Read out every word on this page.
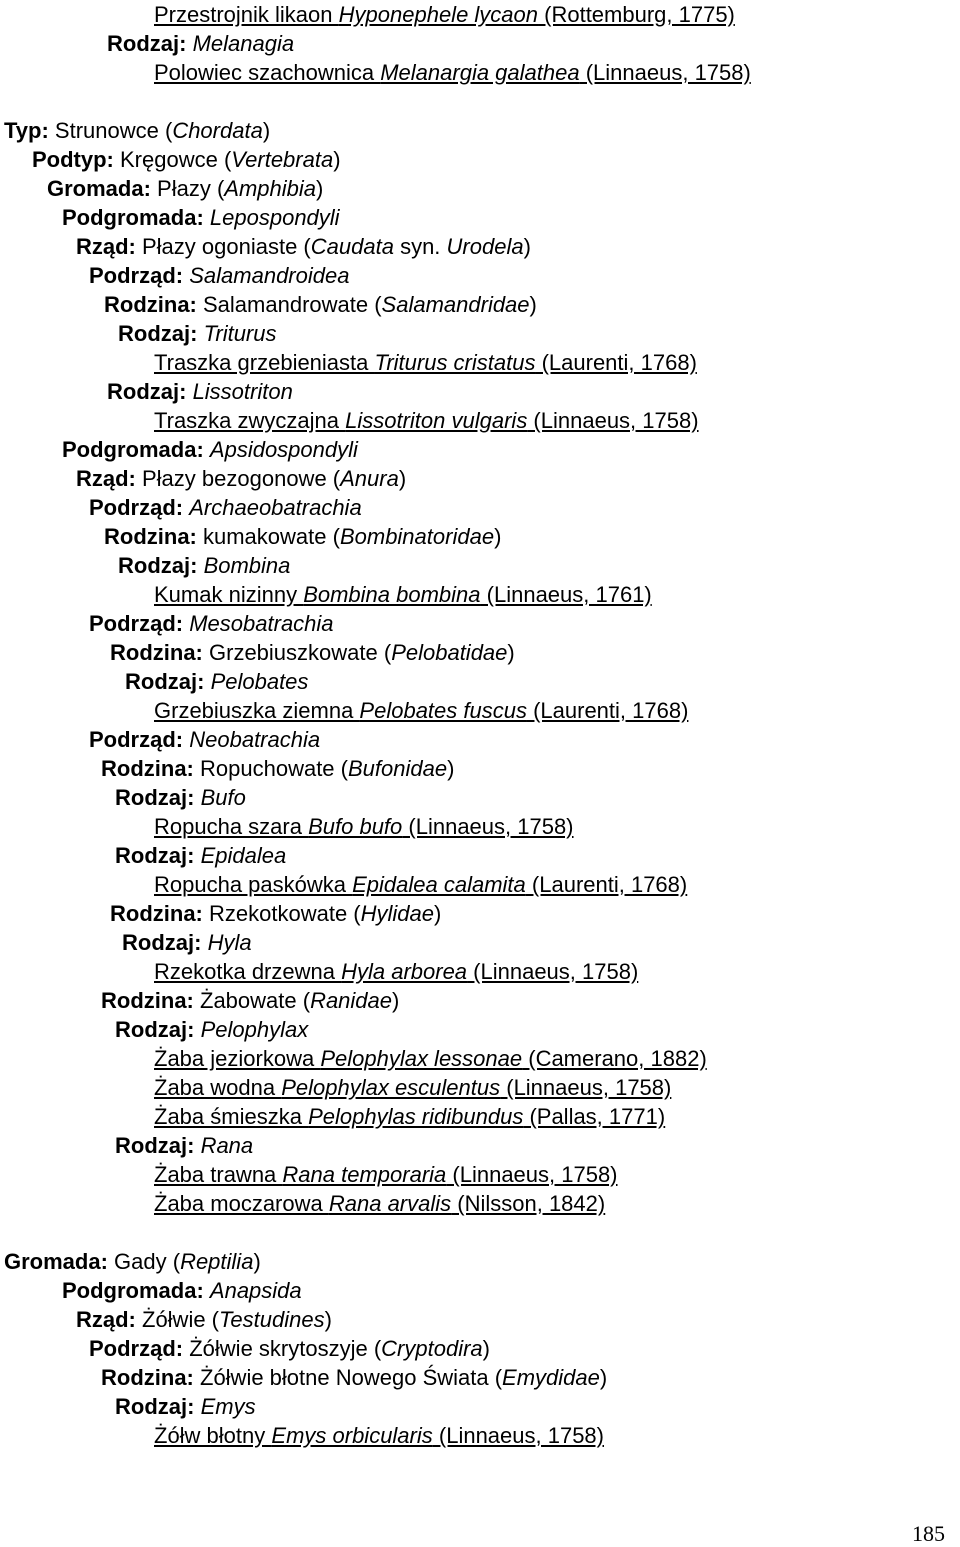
Przestrojnik likaon Hyponephele lycaon (Rottemburg, 1775)
Rodzaj: Melanagia
Polowiec szachownica Melanargia galathea (Linnaeus, 1758)
Typ: Strunowce (Chordata)
Podtyp: Kręgowce (Vertebrata)
Gromada: Płazy (Amphibia)
Podgromada: Lepospondyli
Rząd: Płazy ogoniaste (Caudata syn. Urodela)
Podrząd: Salamandroidea
Rodzina: Salamandrowate (Salamandridae)
Rodzaj: Triturus
Traszka grzebieniasta Triturus cristatus (Laurenti, 1768)
Rodzaj: Lissotriton
Traszka zwyczajna Lissotriton vulgaris (Linnaeus, 1758)
Podgromada: Apsidospondyli
Rząd: Płazy bezogonowe (Anura)
Podrząd: Archaeobatrachia
Rodzina: kumakowate (Bombinatoridae)
Rodzaj: Bombina
Kumak nizinny Bombina bombina (Linnaeus, 1761)
Podrząd: Mesobatrachia
Rodzina: Grzebiuszkowate (Pelobatidae)
Rodzaj: Pelobates
Grzebiuszka ziemna Pelobates fuscus (Laurenti, 1768)
Podrząd: Neobatrachia
Rodzina: Ropuchowate (Bufonidae)
Rodzaj: Bufo
Ropucha szara Bufo bufo (Linnaeus, 1758)
Rodzaj: Epidalea
Ropucha paskówka Epidalea calamita (Laurenti, 1768)
Rodzina: Rzekotkowate (Hylidae)
Rodzaj: Hyla
Rzekotka drzewna Hyla arborea (Linnaeus, 1758)
Rodzina: Żabowate (Ranidae)
Rodzaj: Pelophylax
Żaba jeziorkowa Pelophylax lessonae (Camerano, 1882)
Żaba wodna Pelophylax esculentus (Linnaeus, 1758)
Żaba śmieszka Pelophylas ridibundus (Pallas, 1771)
Rodzaj: Rana
Żaba trawna Rana temporaria (Linnaeus, 1758)
Żaba moczarowa Rana arvalis (Nilsson, 1842)
Gromada: Gady (Reptilia)
Podgromada: Anapsida
Rząd: Żółwie (Testudines)
Podrząd: Żółwie skrytoszyje (Cryptodira)
Rodzina: Żółwie błotne Nowego Świata (Emydidae)
Rodzaj: Emys
Żółw błotny Emys orbicularis (Linnaeus, 1758)
185
